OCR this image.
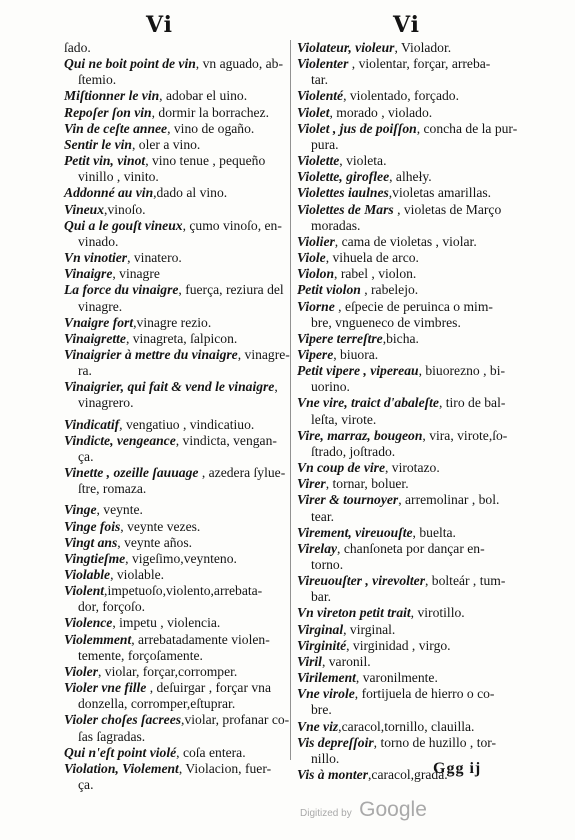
Vi	Vi
ſado.
Qui ne boit point de vin, vn aguado, ab-
ſtemio.
Miſtionner le vin, adobar el uino.
Repoſer ſon vin, dormir la borrachez.
Vin de ceſte annee, vino de ogaño.
Sentir le vin, oler a vino.
Petit vin, vinot, vino tenue , pequeño
vinillo , vinito.
Addonné au vin,dado al vino.
Vineux,vinoſo.
Qui a le gouſt vineux, çumo vinoſo, en-
vinado.
Vn vinotier, vinatero.
Vinaigre, vinagre
La force du vinaigre, fuerça, reziura del
vinagre.
Vnaigre fort,vinagre rezio.
Vinaigrette, vinagreta, ſalpicon.
Vinaigrier à mettre du vinaigre, vinagre-
ra.
Vinaigrier, qui fait & vend le vinaigre,
vinagrero.
Vindicatif, vengatiuo , vindicatiuo.
Vindicte, vengeance, vindicta, vengan-
ça.
Vinette , ozeille ſauuage , azedera ſylue-
ſtre, romaza.
Vinge, veynte.
Vinge fois, veynte vezes.
Vingt ans, veynte años.
Vingtieſme, vigeſimo,veynteno.
Violable, violable.
Violent,impetuoſo,violento,arrebata-
dor, forçoſo.
Violence, impetu , violencia.
Violemment, arrebatadamente violen-
temente, forçoſamente.
Violer, violar, forçar,corromper.
Violer vne fille , deſuirgar , forçar vna
donzella, corromper,eſtuprar.
Violer choſes ſacrees,violar, profanar co-
ſas ſagradas.
Qui n'eſt point violé, coſa entera.
Violation, Violement, Violacion, fuer-
ça.
Violateur, violeur, Violador.
Violenter , violentar, forçar, arreba-
tar.
Violenté, violentado, forçado.
Violet, morado , violado.
Violet , jus de poiſſon, concha de la pur-
pura.
Violette, violeta.
Violette, giroflee, alheły.
Violettes iaulnes,violetas amarillas.
Violettes de Mars , violetas de Março
moradas.
Violier, cama de violetas , violar.
Viole, vihuela de arco.
Violon, rabel , violon.
Petit violon , rabelejo.
Viorne , eſpecie de peruinca o mim-
bre, vngueneco de vimbres.
Vipere terreſtre,bicha.
Vipere, biuora.
Petit vipere , vipereau, biuorezno , bi-
uorino.
Vne vire, traict d'abaleſte, tiro de bal-
leſta, virote.
Vire, marraz, bougeon, vira, virote,ſo-
ſtrado, joſtrado.
Vn coup de vire, virotazo.
Virer, tornar, boluer.
Virer & tournoyer, arremolinar , bol.
tear.
Virement, vireuouſte, buelta.
Virelay, chanſoneta por dançar en-
torno.
Vireuouſter , virevolter, bolteár , tum-
bar.
Vn vireton petit trait, virotillo.
Virginal, virginal.
Virginité, virginidad , virgo.
Viril, varonil.
Virilement, varonilmente.
Vne virole, fortijuela de hierro o co-
bre.
Vne viz,caracol,tornillo, clauilla.
Vis depreſſoir, torno de huzillo , tor-
nillo.
Vis à monter,caracol,grada.
Ggg ij
Digitized by Google
